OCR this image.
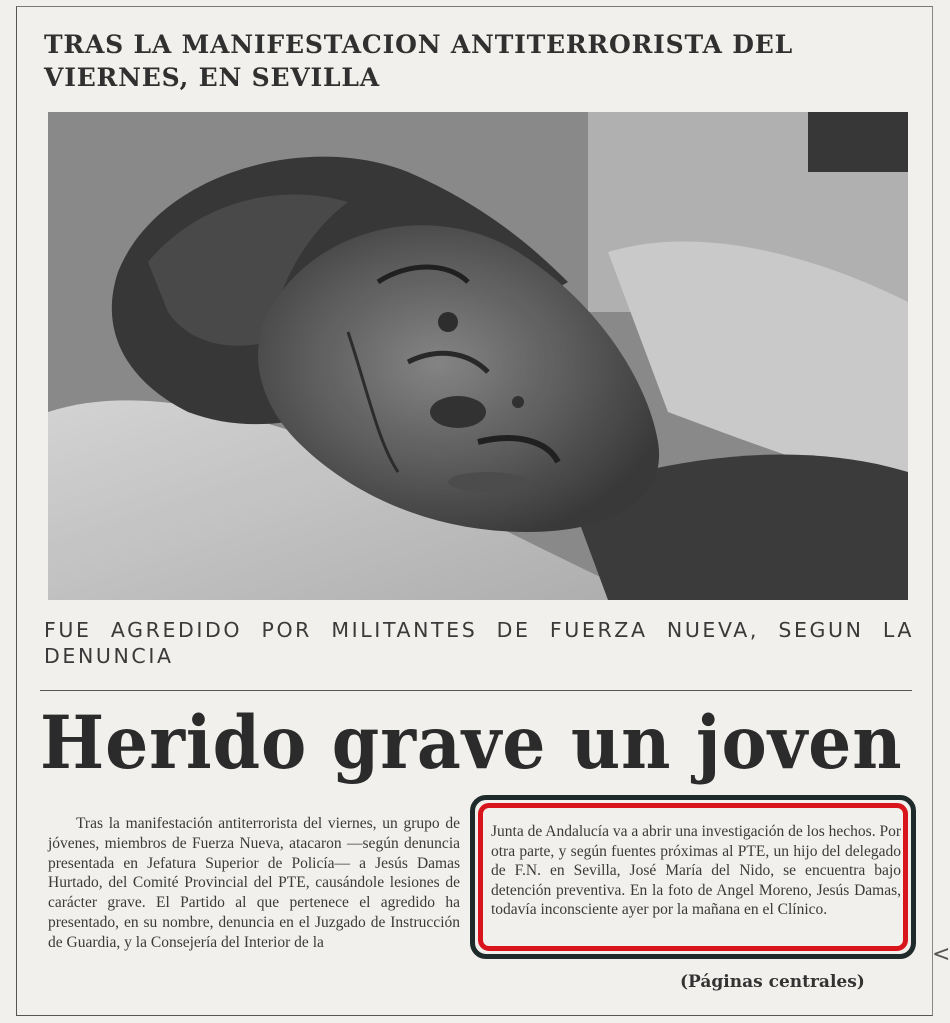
TRAS LA MANIFESTACION ANTITERRORISTA DEL VIERNES, EN SEVILLA

FUE AGREDIDO POR MILITANTES DE FUERZA NUEVA, SEGUN LA DENUNCIA

Herido grave un joven

Tras la manifestación antiterrorista del viernes, un grupo de jóvenes, miembros de Fuerza Nueva, atacaron —según denuncia presentada en Jefatura Superior de Policía— a Jesús Damas Hurtado, del Comité Provincial del PTE, causándole lesiones de carácter grave. El Partido al que pertenece el agredido ha presentado, en su nombre, denuncia en el Juzgado de Instrucción de Guardia, y la Consejería del Interior de la

Junta de Andalucía va a abrir una investigación de los hechos. Por otra parte, y según fuentes próximas al PTE, un hijo del delegado de F.N. en Sevilla, José María del Nido, se encuentra bajo detención preventiva. En la foto de Angel Moreno, Jesús Damas, todavía inconsciente ayer por la mañana en el Clínico.

(Páginas centrales)

<
